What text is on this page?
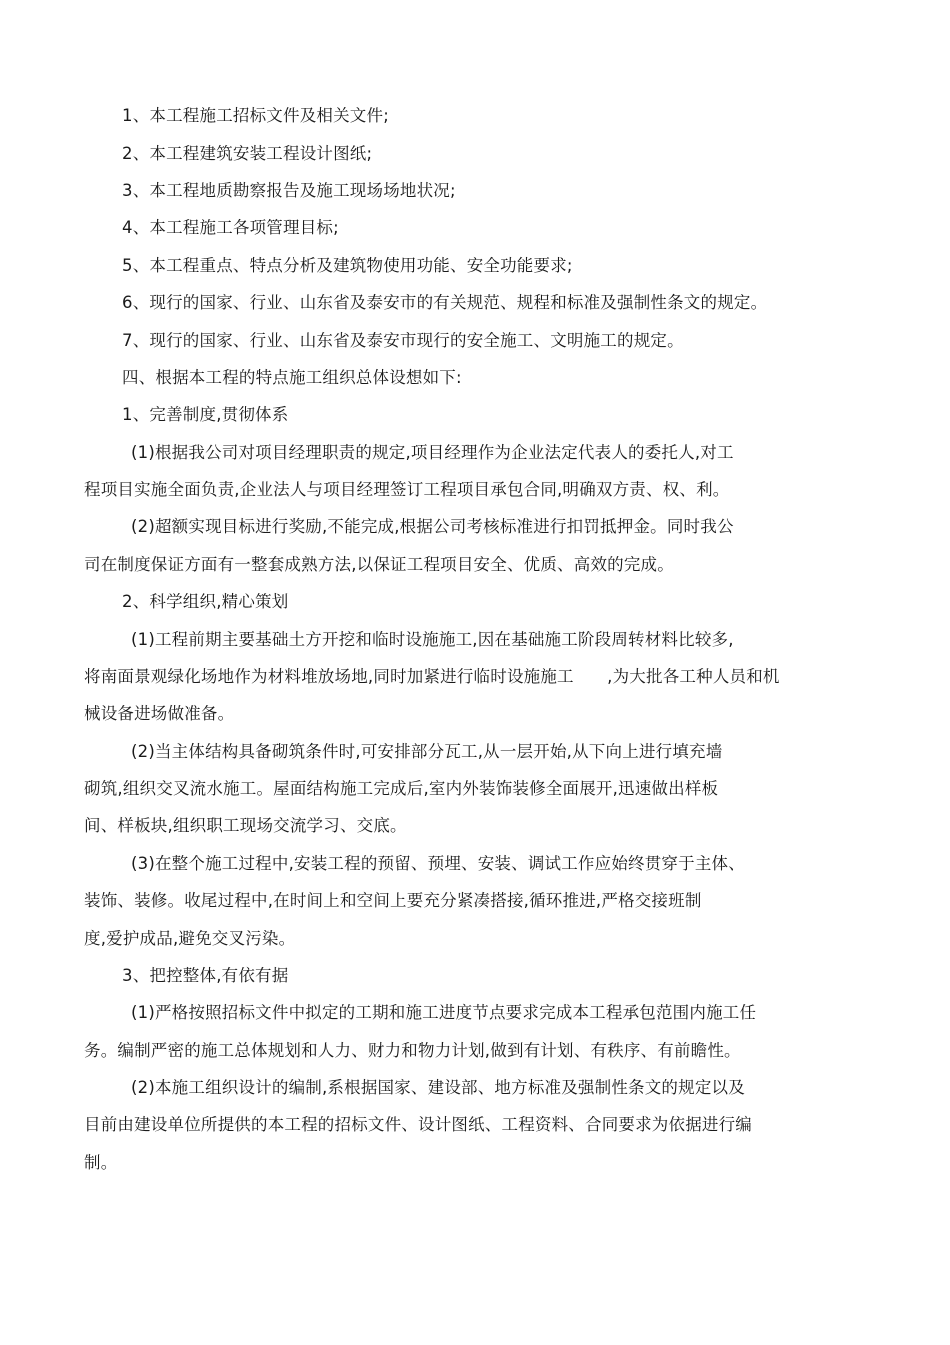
1、本工程施工招标文件及相关文件;
2、本工程建筑安装工程设计图纸;
3、本工程地质勘察报告及施工现场场地状况;
4、本工程施工各项管理目标;
5、本工程重点、特点分析及建筑物使用功能、安全功能要求;
6、现行的国家、行业、山东省及泰安市的有关规范、规程和标准及强制性条文的规定。
7、现行的国家、行业、山东省及泰安市现行的安全施工、文明施工的规定。
四、根据本工程的特点施工组织总体设想如下:
1、完善制度,贯彻体系
(1)根据我公司对项目经理职责的规定,项目经理作为企业法定代表人的委托人,对工
程项目实施全面负责,企业法人与项目经理签订工程项目承包合同,明确双方责、权、利。
(2)超额实现目标进行奖励,不能完成,根据公司考核标准进行扣罚抵押金。同时我公
司在制度保证方面有一整套成熟方法,以保证工程项目安全、优质、高效的完成。
2、科学组织,精心策划
(1)工程前期主要基础土方开挖和临时设施施工,因在基础施工阶段周转材料比较多,
将南面景观绿化场地作为材料堆放场地,同时加紧进行临时设施施工　　,为大批各工种人员和机
械设备进场做准备。
(2)当主体结构具备砌筑条件时,可安排部分瓦工,从一层开始,从下向上进行填充墙
砌筑,组织交叉流水施工。屋面结构施工完成后,室内外装饰装修全面展开,迅速做出样板
间、样板块,组织职工现场交流学习、交底。
(3)在整个施工过程中,安装工程的预留、预埋、安装、调试工作应始终贯穿于主体、
装饰、装修。收尾过程中,在时间上和空间上要充分紧凑搭接,循环推进,严格交接班制
度,爱护成品,避免交叉污染。
3、把控整体,有依有据
(1)严格按照招标文件中拟定的工期和施工进度节点要求完成本工程承包范围内施工任
务。编制严密的施工总体规划和人力、财力和物力计划,做到有计划、有秩序、有前瞻性。
(2)本施工组织设计的编制,系根据国家、建设部、地方标准及强制性条文的规定以及
目前由建设单位所提供的本工程的招标文件、设计图纸、工程资料、合同要求为依据进行编
制。
